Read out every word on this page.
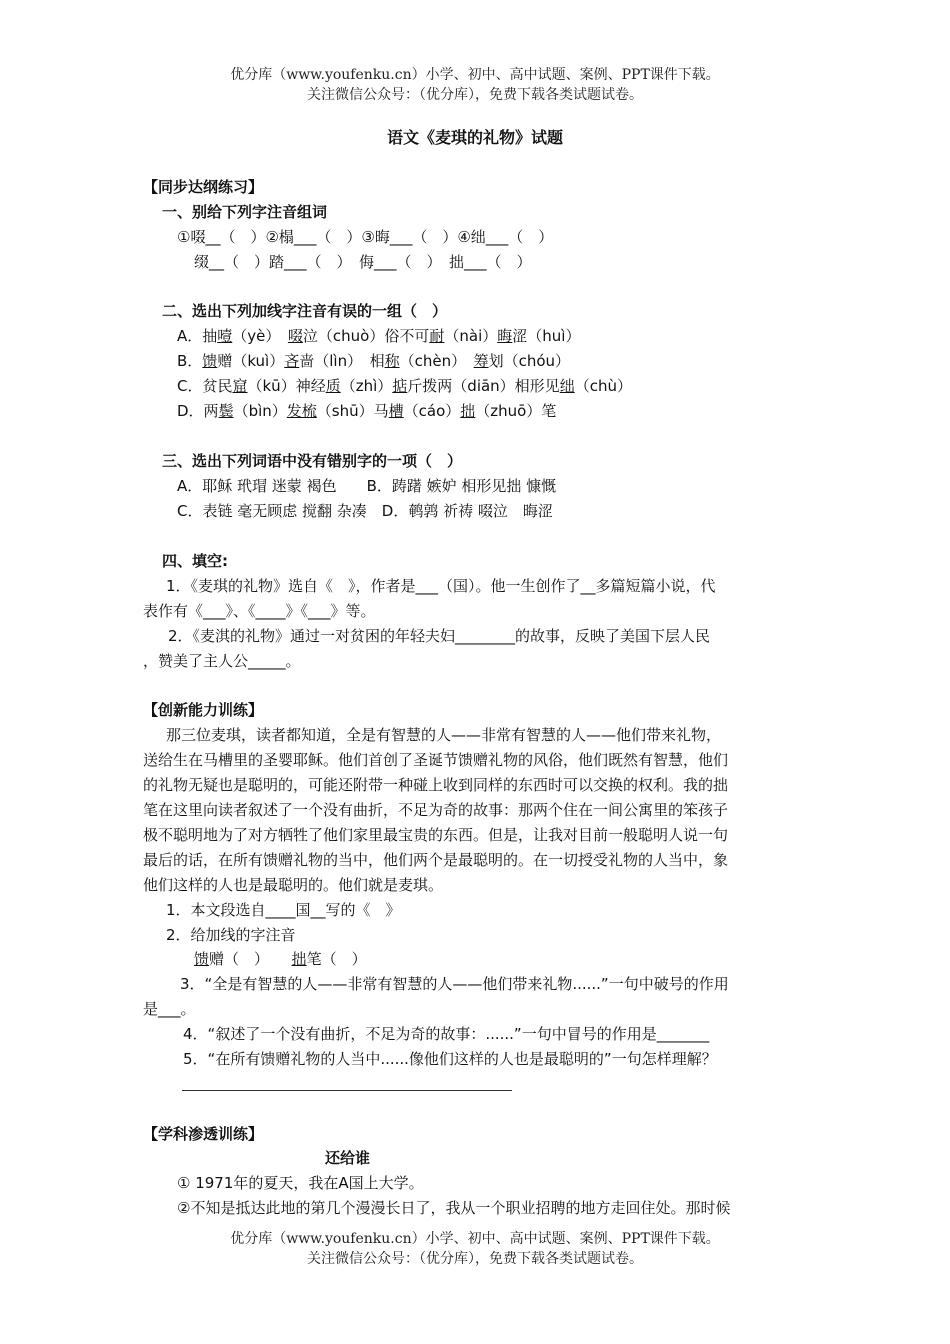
优分库（www.youfenku.cn）小学、初中、高中试题、案例、PPT课件下载。
关注微信公众号：（优分库），免费下载各类试题试卷。
语文《麦琪的礼物》试题
【同步达纲练习】
一、别给下列字注音组词
①啜__（　）②榻___（　）③晦___（　）④绌___（　）
缀__（　）踏___（　）　侮___（　）　拙___（　）
二、选出下列加线字注音有误的一组（　）
A．抽噎（yè）　啜泣（chuò）俗不可耐（nài）晦涩（huì）
B．馈赠（kuì）吝啬（lìn）　相称（chèn）　筹划（chóu）
C．贫民窟（kū）神经质（zhì）掂斤拨两（diān）相形见绌（chù）
D．两鬓（bìn）发梳（shū）马槽（cáo）拙（zhuō）笔
三、选出下列词语中没有错别字的一项（　）
A．耶稣 玳瑁 迷蒙 褐色　　B．踌躇 嫉妒 相形见拙 慷慨
C．表链 毫无顾虑 搅翻 杂凑　D．鹌鹑 祈祷 啜泣　晦涩
四、填空:
1．《麦琪的礼物》选自《　》，作者是___（国）。他一生创作了__多篇短篇小说，代
表作有《___》、《____》《___》等。
2．《麦淇的礼物》通过一对贫困的年轻夫妇________的故事，反映了美国下层人民
，赞美了主人公_____。
【创新能力训练】
那三位麦琪，读者都知道，全是有智慧的人——非常有智慧的人——他们带来礼物，
送给生在马槽里的圣婴耶稣。他们首创了圣诞节馈赠礼物的风俗，他们既然有智慧，他们
的礼物无疑也是聪明的，可能还附带一种碰上收到同样的东西时可以交换的权利。我的拙
笔在这里向读者叙述了一个没有曲折，不足为奇的故事：那两个住在一间公寓里的笨孩子
极不聪明地为了对方牺牲了他们家里最宝贵的东西。但是，让我对目前一般聪明人说一句
最后的话，在所有馈赠礼物的当中，他们两个是最聪明的。在一切授受礼物的人当中，象
他们这样的人也是最聪明的。他们就是麦琪。
1．本文段选自____国__写的《　》
2．给加线的字注音
馈赠（　）　　 拙笔（　）
3．“全是有智慧的人——非常有智慧的人——他们带来礼物......”一句中破号的作用
是___。
4．“叙述了一个没有曲折，不足为奇的故事：......”一句中冒号的作用是_______
5．“在所有馈赠礼物的人当中......像他们这样的人也是最聪明的”一句怎样理解？
【学科渗透训练】
还给谁
① 1971年的夏天，我在A国上大学。
②不知是抵达此地的第几个漫漫长日了，我从一个职业招聘的地方走回住处。那时候
优分库（www.youfenku.cn）小学、初中、高中试题、案例、PPT课件下载。
关注微信公众号：（优分库），免费下载各类试题试卷。
